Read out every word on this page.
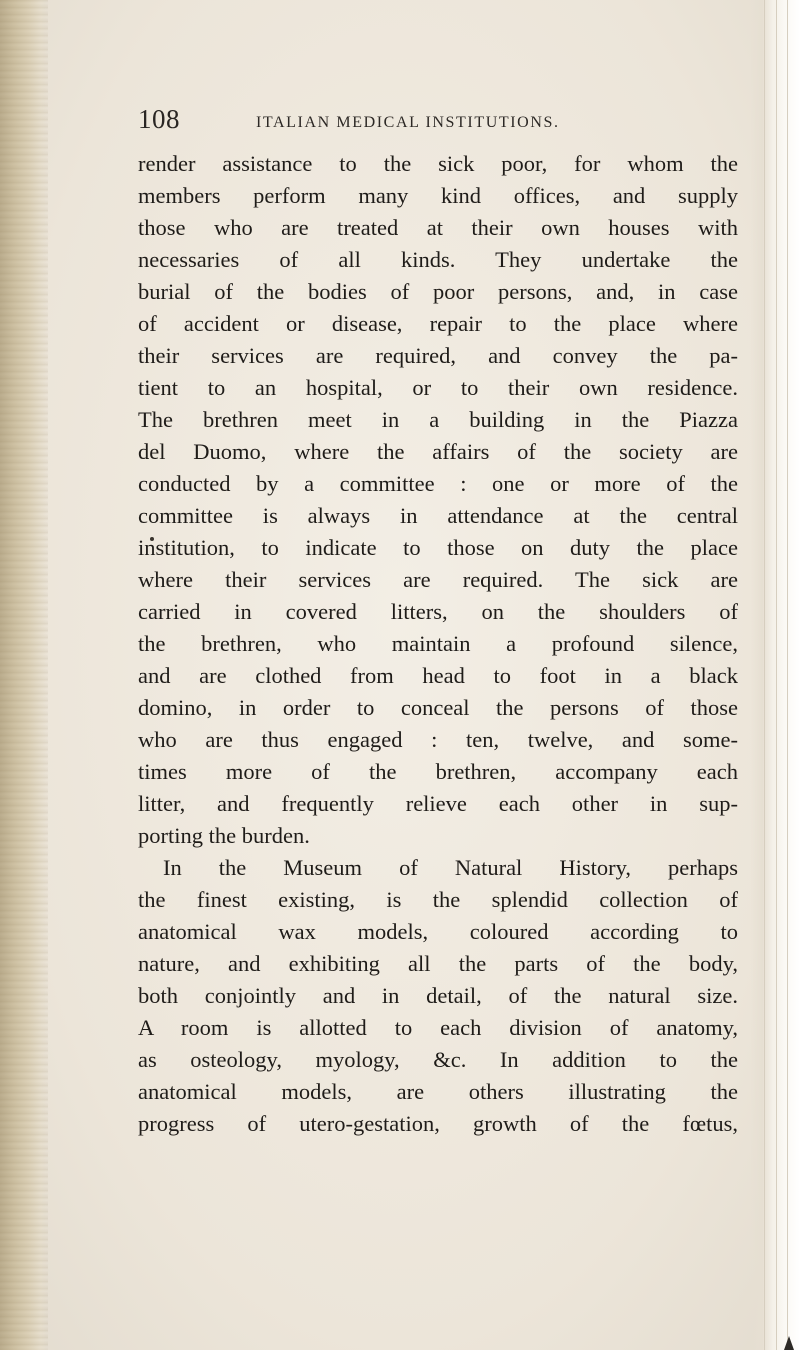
108	ITALIAN MEDICAL INSTITUTIONS.
render assistance to the sick poor, for whom the
members perform many kind offices, and supply
those who are treated at their own houses with
necessaries of all kinds. They undertake the
burial of the bodies of poor persons, and, in case
of accident or disease, repair to the place where
their services are required, and convey the pa-
tient to an hospital, or to their own residence.
The brethren meet in a building in the Piazza
del Duomo, where the affairs of the society are
conducted by a committee : one or more of the
committee is always in attendance at the central
institution, to indicate to those on duty the place
where their services are required. The sick are
carried in covered litters, on the shoulders of
the brethren, who maintain a profound silence,
and are clothed from head to foot in a black
domino, in order to conceal the persons of those
who are thus engaged : ten, twelve, and some-
times more of the brethren, accompany each
litter, and frequently relieve each other in sup-
porting the burden.
In the Museum of Natural History, perhaps
the finest existing, is the splendid collection of
anatomical wax models, coloured according to
nature, and exhibiting all the parts of the body,
both conjointly and in detail, of the natural size.
A room is allotted to each division of anatomy,
as osteology, myology, &c. In addition to the
anatomical models, are others illustrating the
progress of utero-gestation, growth of the fœtus,
